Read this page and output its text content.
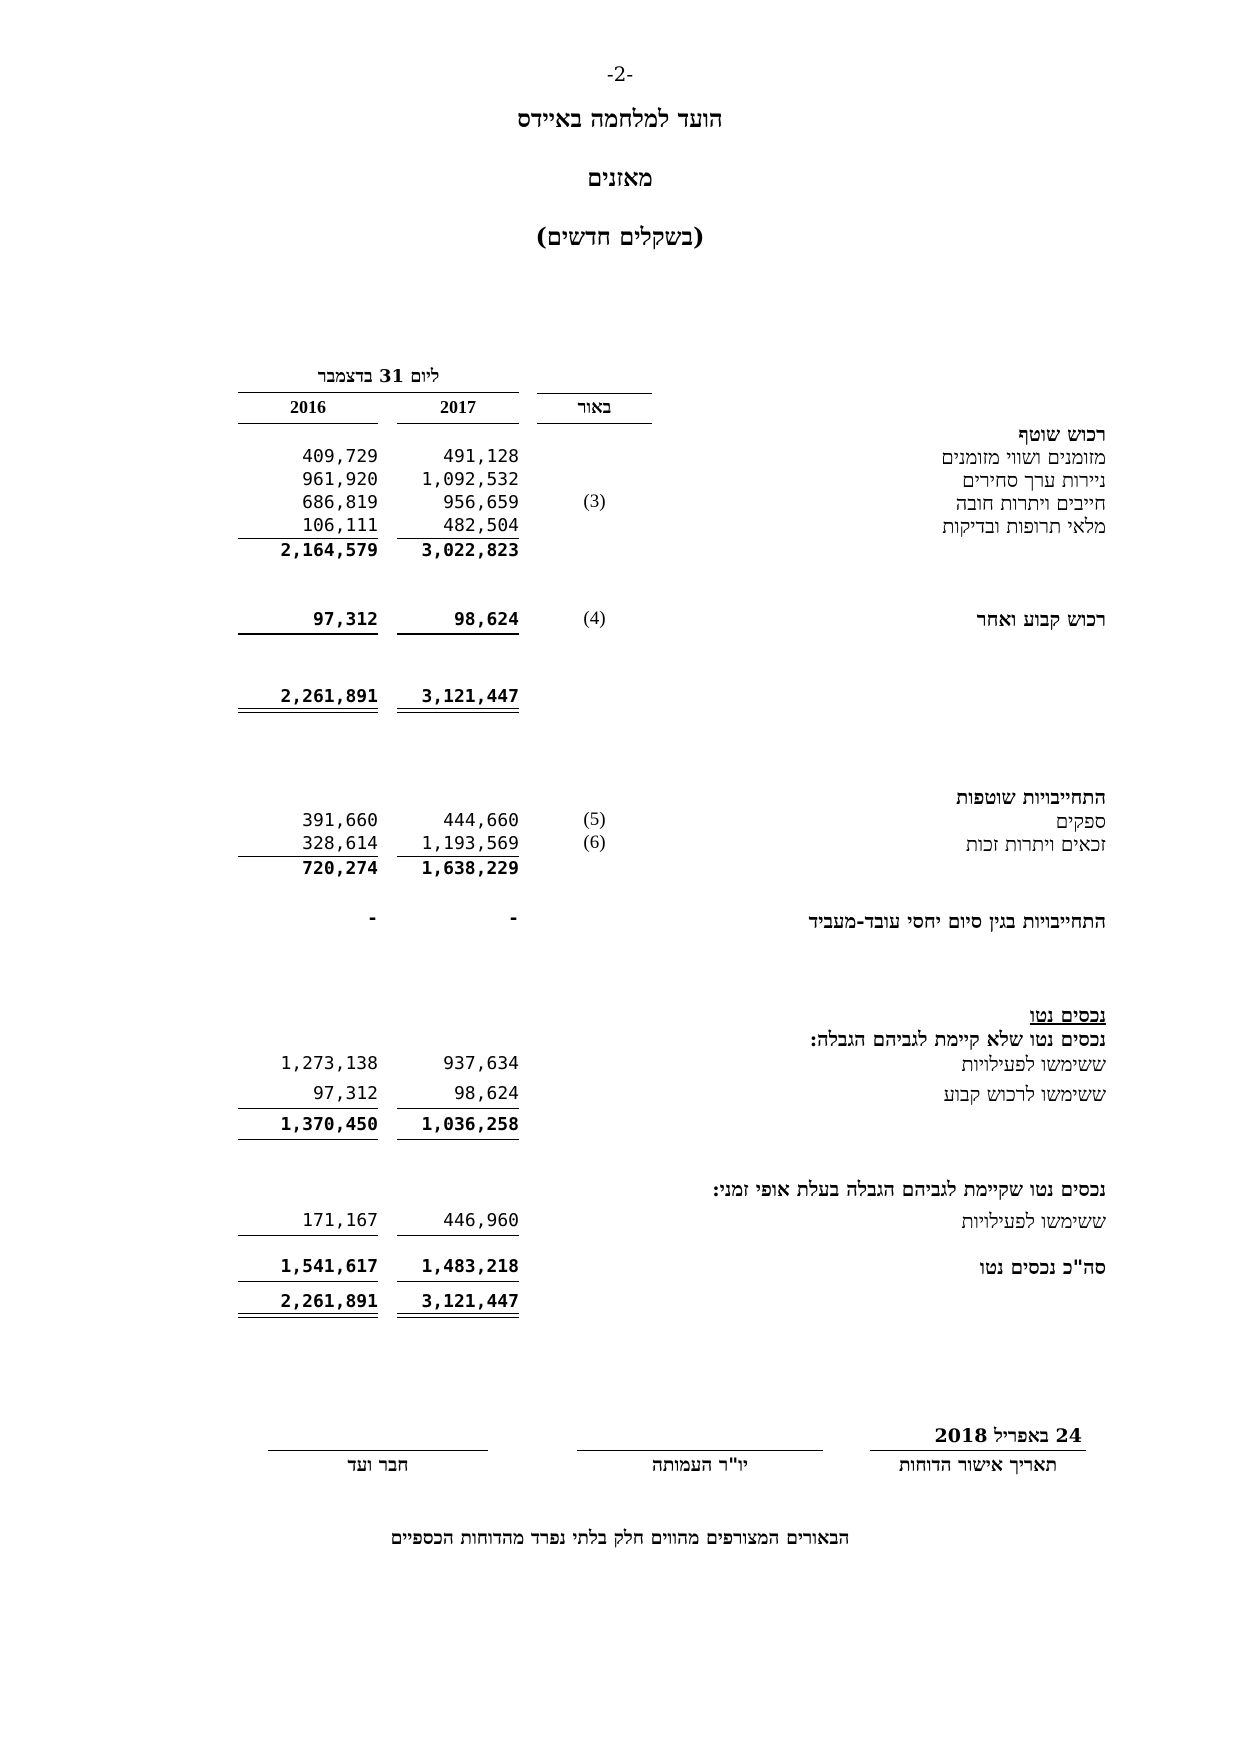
-2-
הועד למלחמה באיידס
מאזנים
(בשקלים חדשים)
ליום 31 בדצמבר
2016	2017	באור
רכוש שוטף
מזומנים ושווי מזומנים
491,128
409,729
ניירות ערך סחירים
1,092,532
961,920
חייבים ויתרות חובה
(3)
956,659
686,819
מלאי תרופות ובדיקות
482,504
106,111
3,022,823
2,164,579
רכוש קבוע ואחר
(4)
98,624
97,312
3,121,447
2,261,891
התחייבויות שוטפות
ספקים
(5)
444,660
391,660
זכאים ויתרות זכות
(6)
1,193,569
328,614
1,638,229
720,274
התחייבויות בגין סיום יחסי עובד-מעביד
-
-
נכסים נטו
נכסים נטו שלא קיימת לגביהם הגבלה:
ששימשו לפעילויות
937,634
1,273,138
ששימשו לרכוש קבוע
98,624
97,312
1,036,258
1,370,450
נכסים נטו שקיימת לגביהם הגבלה בעלת אופי זמני:
ששימשו לפעילויות
446,960
171,167
סה"כ נכסים נטו
1,483,218
1,541,617
3,121,447
2,261,891
24 באפריל 2018
תאריך אישור הדוחות
יו"ר העמותה
חבר ועד
הבאורים המצורפים מהווים חלק בלתי נפרד מהדוחות הכספיים
